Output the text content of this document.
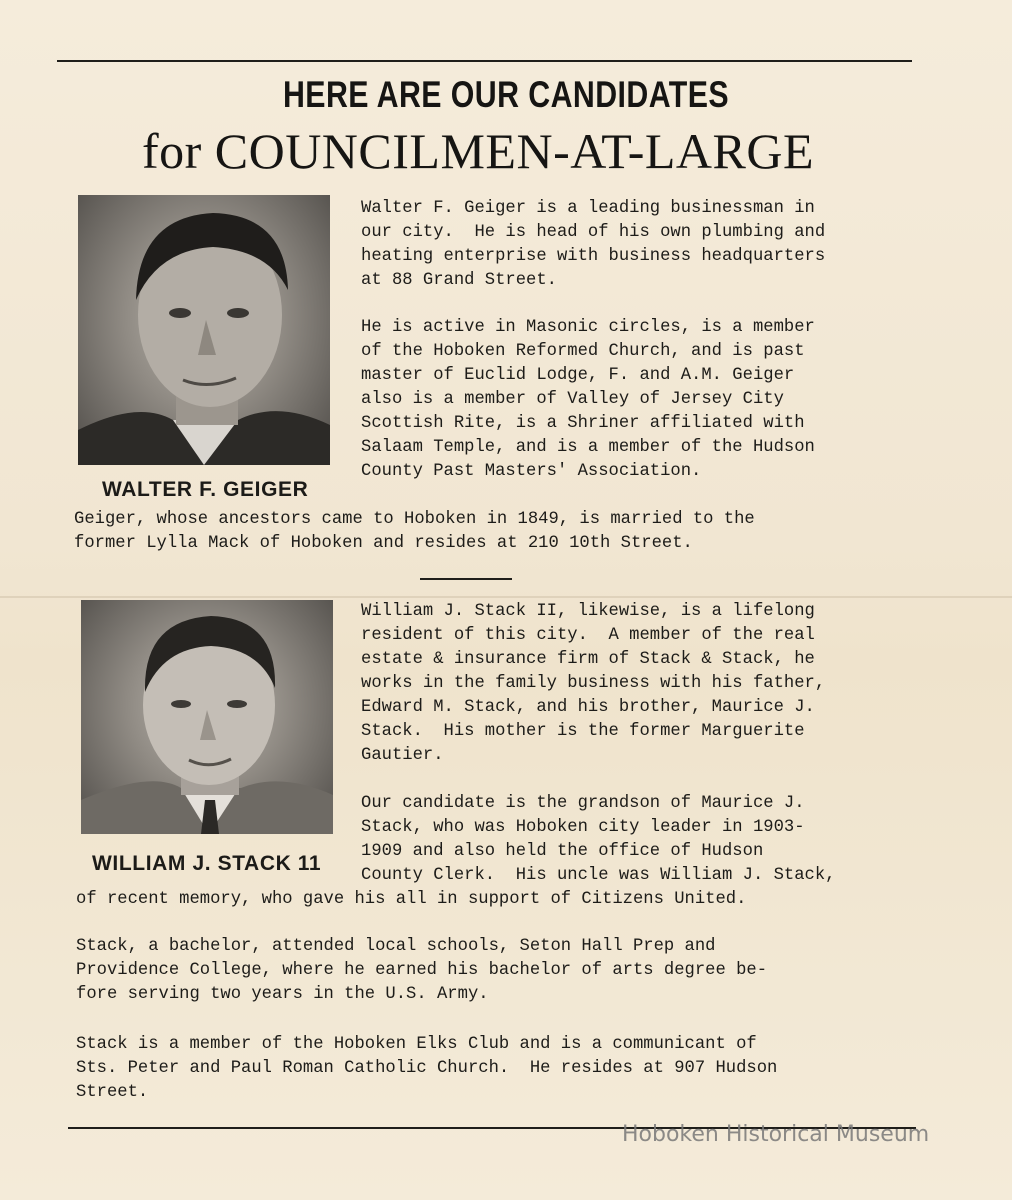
HERE ARE OUR CANDIDATES
for COUNCILMEN-AT-LARGE
WALTER F. GEIGER
Walter F. Geiger is a leading businessman in
our city.  He is head of his own plumbing and
heating enterprise with business headquarters
at 88 Grand Street.
He is active in Masonic circles, is a member
of the Hoboken Reformed Church, and is past
master of Euclid Lodge, F. and A.M. Geiger
also is a member of Valley of Jersey City
Scottish Rite, is a Shriner affiliated with
Salaam Temple, and is a member of the Hudson
County Past Masters' Association.
Geiger, whose ancestors came to Hoboken in 1849, is married to the
former Lylla Mack of Hoboken and resides at 210 10th Street.
WILLIAM J. STACK 11
William J. Stack II, likewise, is a lifelong
resident of this city.  A member of the real
estate & insurance firm of Stack & Stack, he
works in the family business with his father,
Edward M. Stack, and his brother, Maurice J.
Stack.  His mother is the former Marguerite
Gautier.
Our candidate is the grandson of Maurice J.
Stack, who was Hoboken city leader in 1903-
1909 and also held the office of Hudson
County Clerk.  His uncle was William J. Stack,
of recent memory, who gave his all in support of Citizens United.
Stack, a bachelor, attended local schools, Seton Hall Prep and
Providence College, where he earned his bachelor of arts degree be-
fore serving two years in the U.S. Army.
Stack is a member of the Hoboken Elks Club and is a communicant of
Sts. Peter and Paul Roman Catholic Church.  He resides at 907 Hudson
Street.
Hoboken Historical Museum
